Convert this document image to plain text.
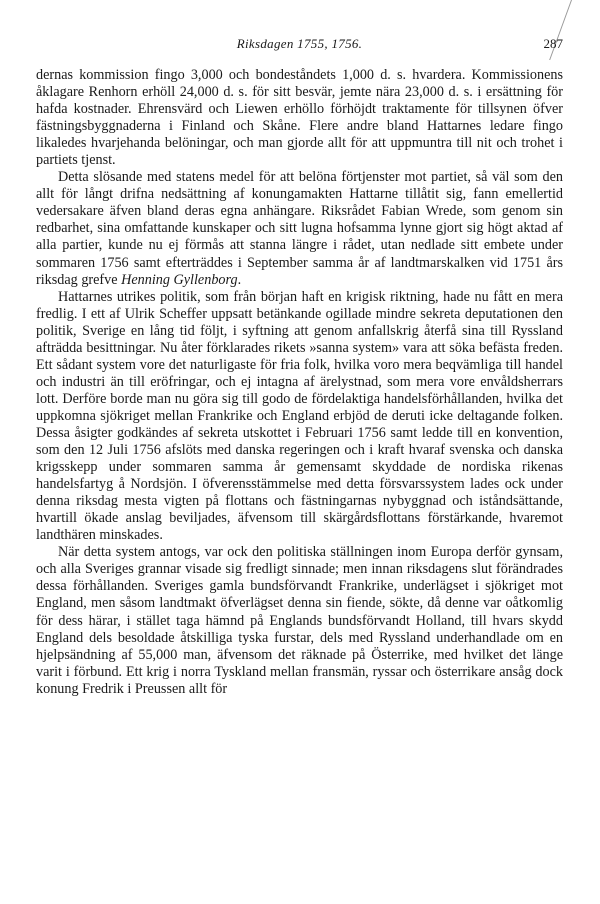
Riksdagen 1755, 1756.	287

dernas kommission fingo 3,000 och bondeståndets 1,000 d. s. hvardera. Kommissionens åklagare Renhorn erhöll 24,000 d. s. för sitt besvär, jemte nära 23,000 d. s. i ersättning för hafda kostnader. Ehrensvärd och Liewen erhöllo förhöjdt traktamente för tillsynen öfver fästningsbyggnaderna i Finland och Skåne. Flere andre bland Hattarnes ledare fingo likaledes hvarjehanda belöningar, och man gjorde allt för att uppmuntra till nit och trohet i partiets tjenst.

Detta slösande med statens medel för att belöna förtjenster mot partiet, så väl som den allt för långt drifna nedsättning af konungamakten Hattarne tillåtit sig, fann emellertid vedersakare äfven bland deras egna anhängare. Riksrådet Fabian Wrede, som genom sin redbarhet, sina omfattande kunskaper och sitt lugna hofsamma lynne gjort sig högt aktad af alla partier, kunde nu ej förmås att stanna längre i rådet, utan nedlade sitt embete under sommaren 1756 samt efterträddes i September samma år af landtmarskalken vid 1751 års riksdag grefve Henning Gyllenborg.

Hattarnes utrikes politik, som från början haft en krigisk riktning, hade nu fått en mera fredlig. I ett af Ulrik Scheffer uppsatt betänkande ogillade mindre sekreta deputationen den politik, Sverige en lång tid följt, i syftning att genom anfallskrig återfå sina till Ryssland afträdda besittningar. Nu åter förklarades rikets »sanna system» vara att söka befästa freden. Ett sådant system vore det naturligaste för fria folk, hvilka voro mera beqvämliga till handel och industri än till eröfringar, och ej intagna af ärelystnad, som mera vore envåldsherrars lott. Derföre borde man nu göra sig till godo de fördelaktiga handelsförhållanden, hvilka det uppkomna sjökriget mellan Frankrike och England erbjöd de deruti icke deltagande folken. Dessa åsigter godkändes af sekreta utskottet i Februari 1756 samt ledde till en konvention, som den 12 Juli 1756 afslöts med danska regeringen och i kraft hvaraf svenska och danska krigsskepp under sommaren samma år gemensamt skyddade de nordiska rikenas handelsfartyg å Nordsjön. I öfverensstämmelse med detta försvarssystem lades ock under denna riksdag mesta vigten på flottans och fästningarnas nybyggnad och iståndsättande, hvartill ökade anslag beviljades, äfvensom till skärgårdsflottans förstärkande, hvaremot landthären minskades.

När detta system antogs, var ock den politiska ställningen inom Europa derför gynsam, och alla Sveriges grannar visade sig fredligt sinnade; men innan riksdagens slut förändrades dessa förhållanden. Sveriges gamla bundsförvandt Frankrike, underlägset i sjökriget mot England, men såsom landtmakt öfverlägset denna sin fiende, sökte, då denne var oåtkomlig för dess härar, i stället taga hämnd på Englands bundsförvandt Holland, till hvars skydd England dels besoldade åtskilliga tyska furstar, dels med Ryssland underhandlade om en hjelpsändning af 55,000 man, äfvensom det räknade på Österrike, med hvilket det länge varit i förbund. Ett krig i norra Tyskland mellan fransmän, ryssar och österrikare ansåg dock konung Fredrik i Preussen allt för
